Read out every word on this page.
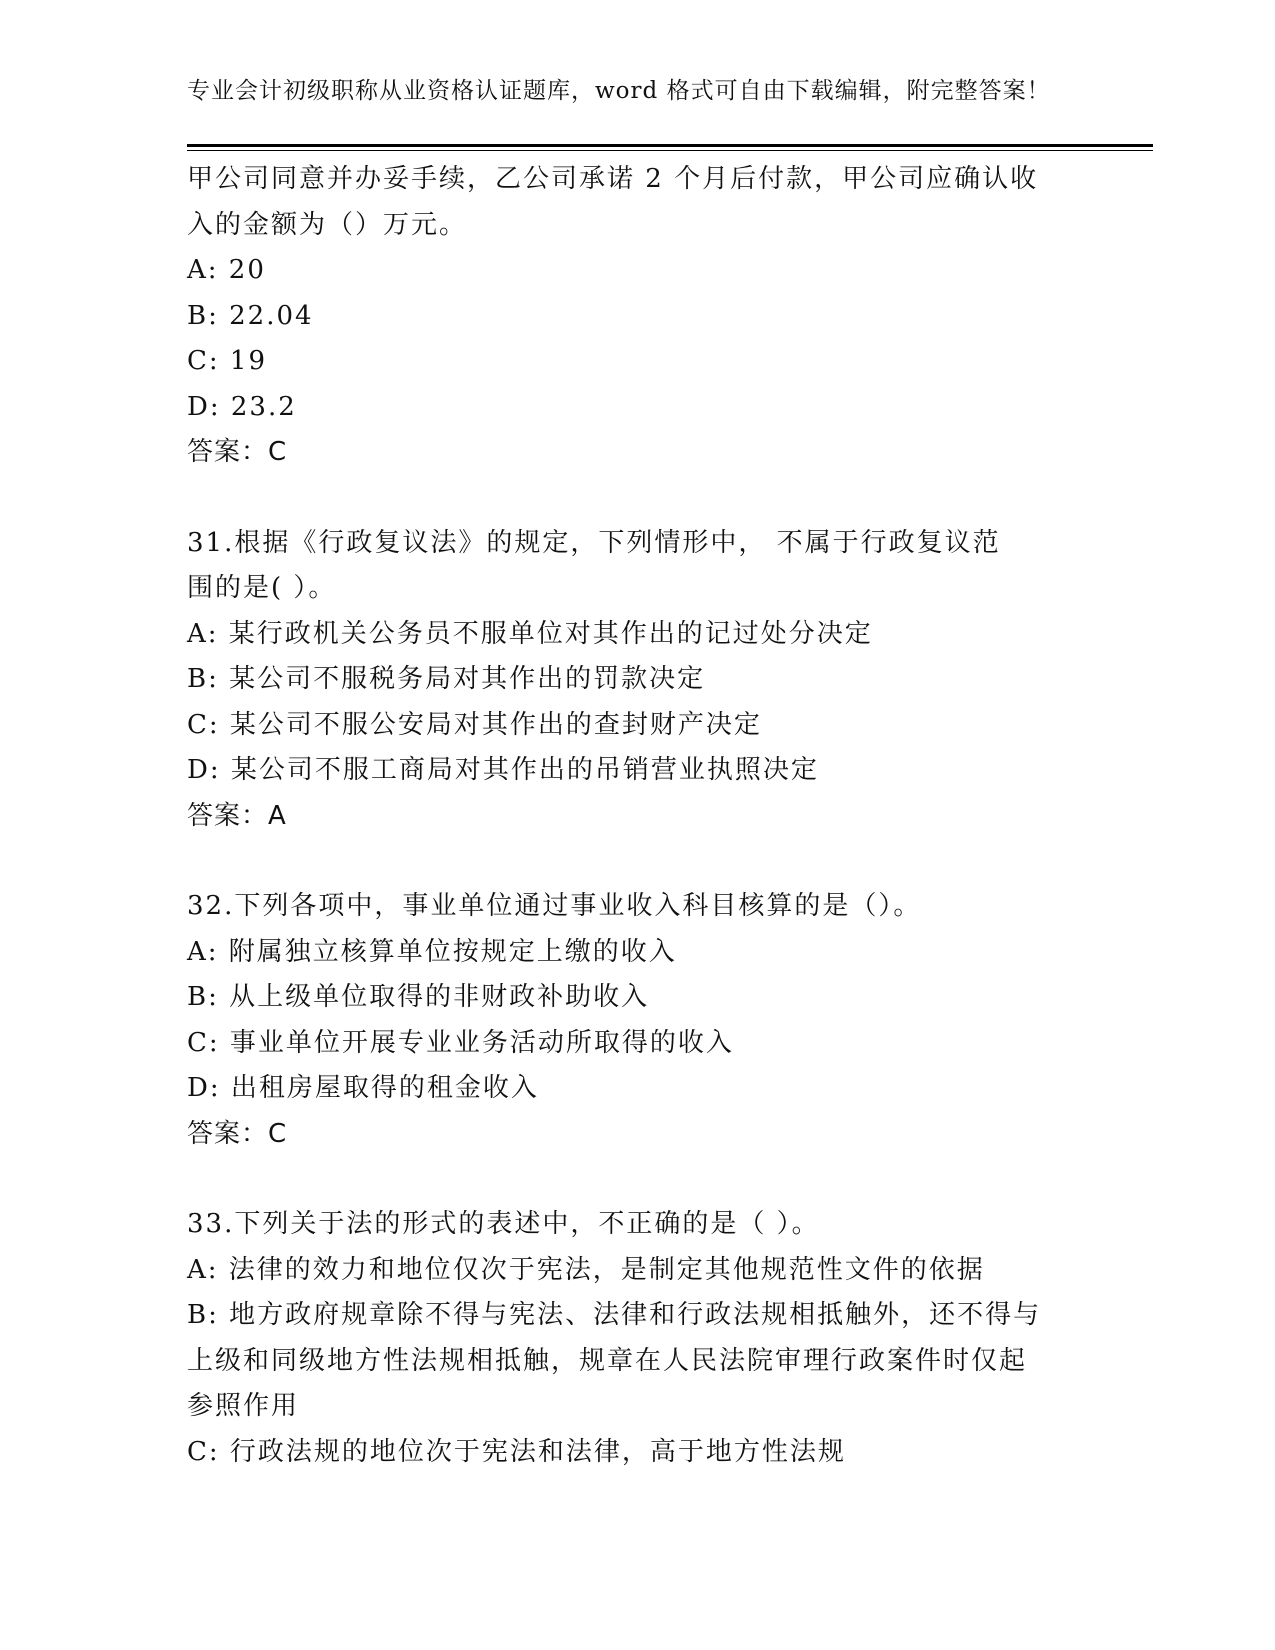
专业会计初级职称从业资格认证题库，word 格式可自由下载编辑，附完整答案！
甲公司同意并办妥手续，乙公司承诺 2 个月后付款，甲公司应确认收
入的金额为（）万元。
A: 20
B: 22.04
C: 19
D: 23.2
答案：C
31.根据《行政复议法》的规定，下列情形中， 不属于行政复议范
围的是( ）。
A: 某行政机关公务员不服单位对其作出的记过处分决定
B: 某公司不服税务局对其作出的罚款决定
C: 某公司不服公安局对其作出的查封财产决定
D: 某公司不服工商局对其作出的吊销营业执照决定
答案：A
32.下列各项中，事业单位通过事业收入科目核算的是（）。
A: 附属独立核算单位按规定上缴的收入
B: 从上级单位取得的非财政补助收入
C: 事业单位开展专业业务活动所取得的收入
D: 出租房屋取得的租金收入
答案：C
33.下列关于法的形式的表述中，不正确的是（ ）。
A: 法律的效力和地位仅次于宪法，是制定其他规范性文件的依据
B: 地方政府规章除不得与宪法、法律和行政法规相抵触外，还不得与
上级和同级地方性法规相抵触，规章在人民法院审理行政案件时仅起
参照作用
C: 行政法规的地位次于宪法和法律，高于地方性法规
